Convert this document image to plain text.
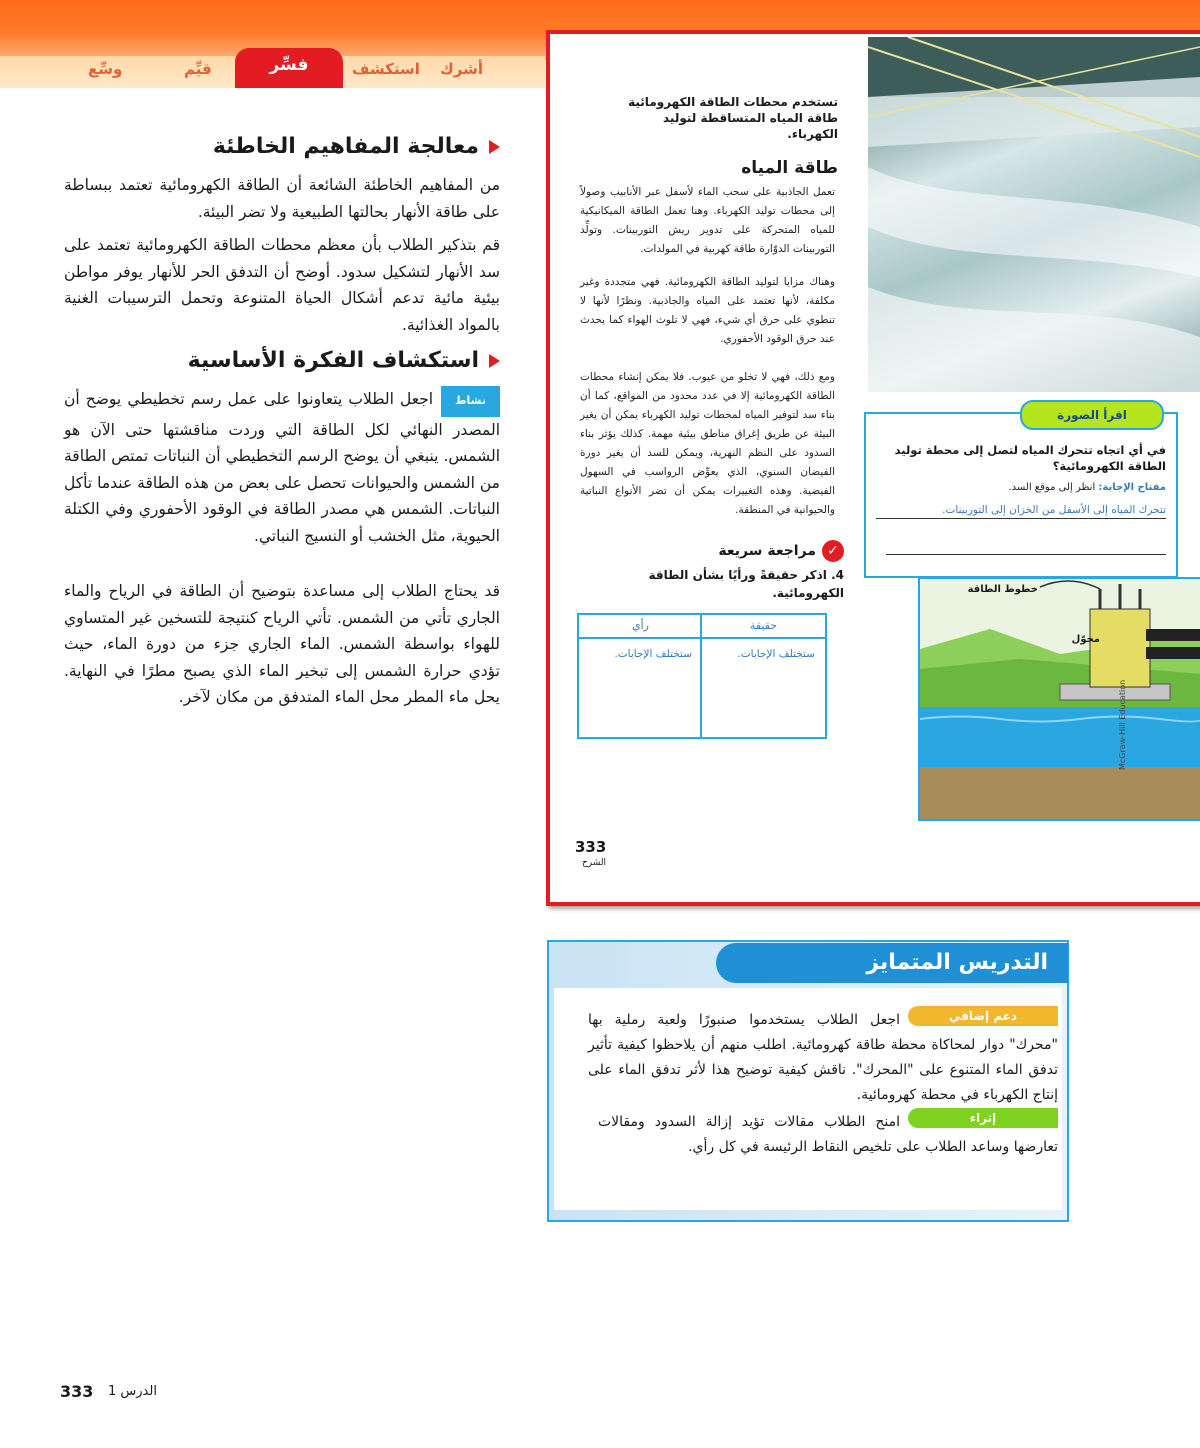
أشرك
استكشف
فسِّر
قيِّم
وسِّع
معالجة المفاهيم الخاطئة
من المفاهيم الخاطئة الشائعة أن الطاقة الكهرومائية تعتمد ببساطة على طاقة الأنهار بحالتها الطبيعية ولا تضر البيئة.
قم بتذكير الطلاب بأن معظم محطات الطاقة الكهرومائية تعتمد على سد الأنهار لتشكيل سدود. أوضح أن التدفق الحر للأنهار يوفر مواطن بيئية مائية تدعم أشكال الحياة المتنوعة وتحمل الترسيبات الغنية بالمواد الغذائية.
استكشاف الفكرة الأساسية
نشاطاجعل الطلاب يتعاونوا على عمل رسم تخطيطي يوضح أن المصدر النهائي لكل الطاقة التي وردت مناقشتها حتى الآن هو الشمس. ينبغي أن يوضح الرسم التخطيطي أن النباتات تمتص الطاقة من الشمس والحيوانات تحصل على بعض من هذه الطاقة عندما تأكل النباتات. الشمس هي مصدر الطاقة في الوقود الأحفوري وفي الكتلة الحيوية، مثل الخشب أو النسيج النباتي.
قد يحتاج الطلاب إلى مساعدة بتوضيح أن الطاقة في الرياح والماء الجاري تأتي من الشمس. تأتي الرياح كنتيجة للتسخين غير المتساوي للهواء بواسطة الشمس. الماء الجاري جزء من دورة الماء، حيث تؤدي حرارة الشمس إلى تبخير الماء الذي يصبح مطرًا في النهاية. يحل ماء المطر محل الماء المتدفق من مكان لآخر.
تستخدم محطات الطاقة الكهرومائية طاقة المياه المتساقطة لتوليد الكهرباء.
طاقة المياه
تعمل الجاذبية على سحب الماء لأسفل عبر الأنابيب وصولاً إلى محطات توليد الكهرباء. وهنا تعمل الطاقة الميكانيكية للمياه المتحركة على تدوير ريش التوربينات. وتولِّد التوربينات الدوّارة طاقة كهربية في المولدات.
وهناك مزايا لتوليد الطاقة الكهرومائية. فهي متجددة وغير مكلفة، لأنها تعتمد على المياه والجاذبية. ونظرًا لأنها لا تنطوي على حرق أي شيء، فهي لا تلوث الهواء كما يحدث عند حرق الوقود الأحفوري.
ومع ذلك، فهي لا تخلو من عيوب. فلا يمكن إنشاء محطات الطاقة الكهرومائية إلا في عدد محدود من المواقع، كما أن بناء سد لتوفير المياه لمحطات توليد الكهرباء يمكن أن يغير البيئة عن طريق إغراق مناطق بيئية مهمة. كذلك يؤثر بناء السدود على النظم النهرية، ويمكن للسد أن يغير دورة الفيضان السنوي، الذي يعوِّض الرواسب في السهول الفيضية. وهذه التغييرات يمكن أن تضر الأنواع النباتية والحيوانية في المنطقة.
✓مراجعة سريعة
4. اذكر حقيقةً ورأيًا بشأن الطاقة الكهرومائية.
حقيقة
ستختلف الإجابات.
رأي
ستختلف الإجابات.
خطوط الطاقة
محوّل
McGraw-Hill Education
اقرأ الصورة
في أي اتجاه تتحرك المياه لتصل إلى محطة توليد الطاقة الكهرومائية؟
مفتاح الإجابة: انظر إلى موقع السد.
تتحرك المياه إلى الأسفل من الخزان إلى التوربينات.
333
الشرح
التدريس المتمايز
دعم إضافي
اجعل الطلاب يستخدموا صنبورًا ولعبة رملية بها "محرك" دوار لمحاكاة محطة طاقة كهرومائية. اطلب منهم أن يلاحظوا كيفية تأثير تدفق الماء المتنوع على "المحرك". ناقش كيفية توضيح هذا لأثر تدفق الماء على إنتاج الكهرباء في محطة كهرومائية.
إثراء
امنح الطلاب مقالات تؤيد إزالة السدود ومقالات تعارضها وساعد الطلاب على تلخيص النقاط الرئيسة في كل رأي.
333 الدرس 1
